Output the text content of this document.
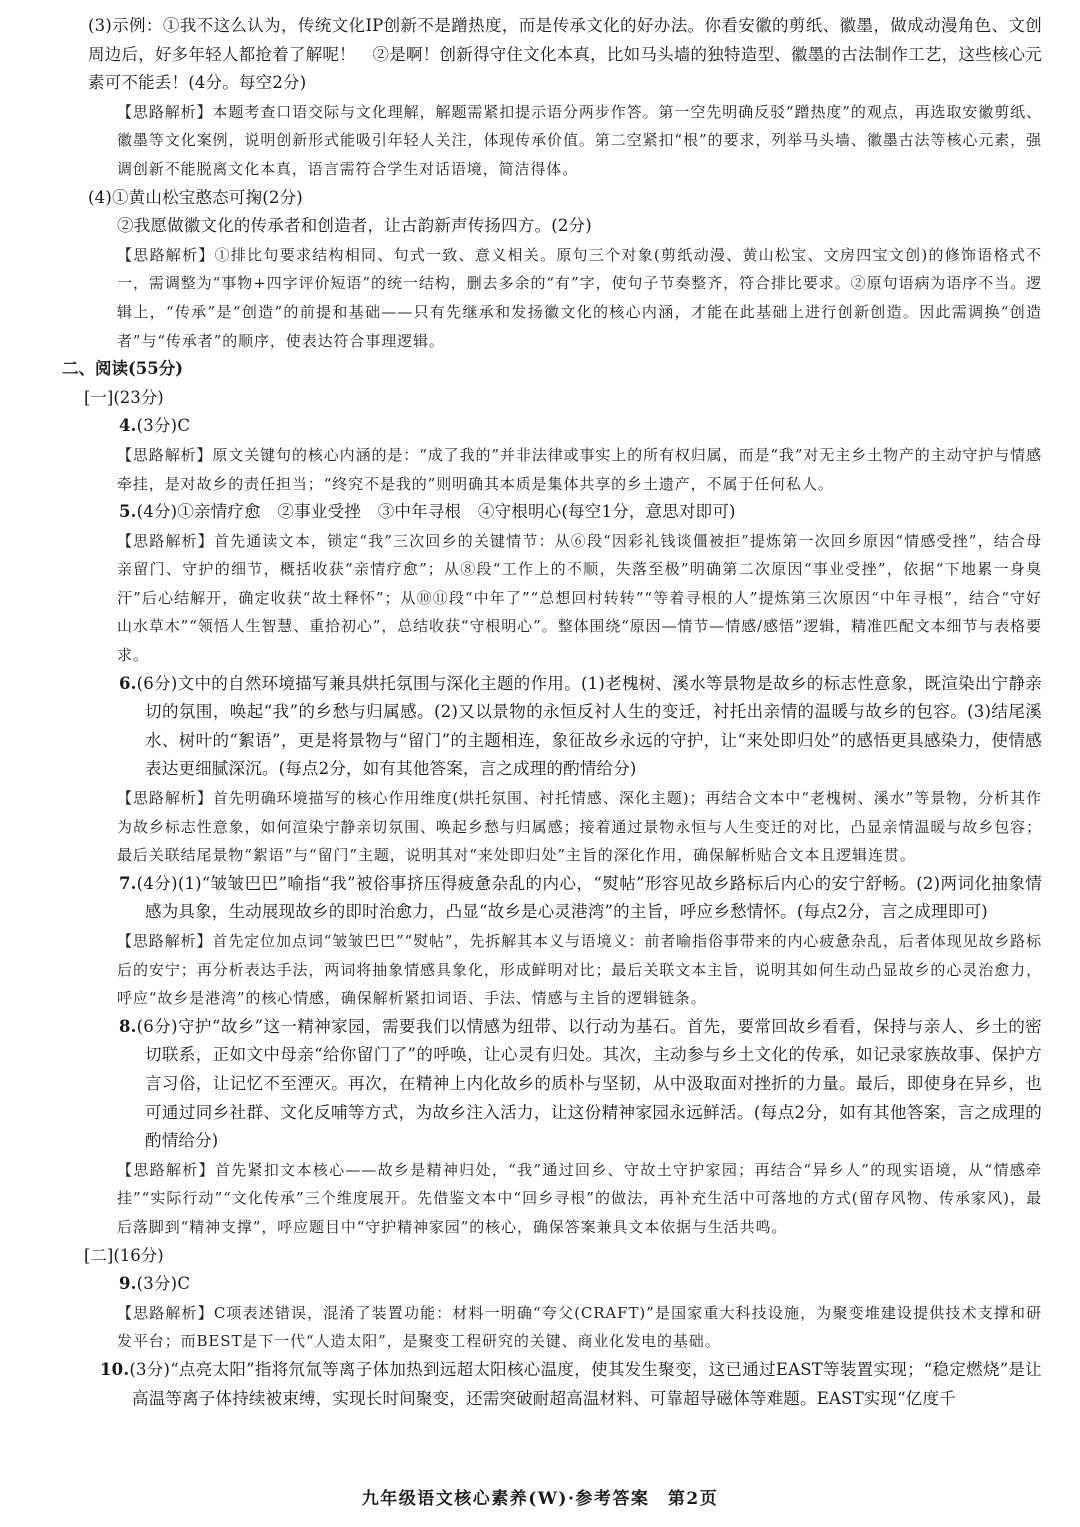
(3)示例：①我不这么认为，传统文化IP创新不是蹭热度，而是传承文化的好办法。你看安徽的剪纸、徽墨，做成动漫角色、文创周边后，好多年轻人都抢着了解呢！　②是啊！创新得守住文化本真，比如马头墙的独特造型、徽墨的古法制作工艺，这些核心元素可不能丢！(4分。每空2分)

【思路解析】本题考查口语交际与文化理解，解题需紧扣提示语分两步作答。第一空先明确反驳“蹭热度”的观点，再选取安徽剪纸、徽墨等文化案例，说明创新形式能吸引年轻人关注，体现传承价值。第二空紧扣“根”的要求，列举马头墙、徽墨古法等核心元素，强调创新不能脱离文化本真，语言需符合学生对话语境，简洁得体。

(4)①黄山松宝憨态可掬(2分)

②我愿做徽文化的传承者和创造者，让古韵新声传扬四方。(2分)

【思路解析】①排比句要求结构相同、句式一致、意义相关。原句三个对象(剪纸动漫、黄山松宝、文房四宝文创)的修饰语格式不一，需调整为“事物+四字评价短语”的统一结构，删去多余的“有”字，使句子节奏整齐，符合排比要求。②原句语病为语序不当。逻辑上，“传承”是“创造”的前提和基础——只有先继承和发扬徽文化的核心内涵，才能在此基础上进行创新创造。因此需调换“创造者”与“传承者”的顺序，使表达符合事理逻辑。

二、阅读(55分)

[一](23分)

4.(3分)C

【思路解析】原文关键句的核心内涵的是：“成了我的”并非法律或事实上的所有权归属，而是“我”对无主乡土物产的主动守护与情感牵挂，是对故乡的责任担当；“终究不是我的”则明确其本质是集体共享的乡土遗产，不属于任何私人。

5.(4分)①亲情疗愈　②事业受挫　③中年寻根　④守根明心(每空1分，意思对即可)

【思路解析】首先通读文本，锁定“我”三次回乡的关键情节：从⑥段“因彩礼钱谈僵被拒”提炼第一次回乡原因“情感受挫”，结合母亲留门、守护的细节，概括收获“亲情疗愈”；从⑧段“工作上的不顺，失落至极”明确第二次原因“事业受挫”，依据“下地累一身臭汗”后心结解开，确定收获“故土释怀”；从⑩⑪段“中年了”“总想回村转转”“等着寻根的人”提炼第三次原因“中年寻根”，结合“守好山水草木”“领悟人生智慧、重拾初心”，总结收获“守根明心”。整体围绕“原因—情节—情感/感悟”逻辑，精准匹配文本细节与表格要求。

6.(6分)文中的自然环境描写兼具烘托氛围与深化主题的作用。(1)老槐树、溪水等景物是故乡的标志性意象，既渲染出宁静亲切的氛围，唤起“我”的乡愁与归属感。(2)又以景物的永恒反衬人生的变迁，衬托出亲情的温暖与故乡的包容。(3)结尾溪水、树叶的“絮语”，更是将景物与“留门”的主题相连，象征故乡永远的守护，让“来处即归处”的感悟更具感染力，使情感表达更细腻深沉。(每点2分，如有其他答案，言之成理的酌情给分)

【思路解析】首先明确环境描写的核心作用维度(烘托氛围、衬托情感、深化主题)；再结合文本中“老槐树、溪水”等景物，分析其作为故乡标志性意象，如何渲染宁静亲切氛围、唤起乡愁与归属感；接着通过景物永恒与人生变迁的对比，凸显亲情温暖与故乡包容；最后关联结尾景物“絮语”与“留门”主题，说明其对“来处即归处”主旨的深化作用，确保解析贴合文本且逻辑连贯。

7.(4分)(1)“皱皱巴巴”喻指“我”被俗事挤压得疲惫杂乱的内心，“熨帖”形容见故乡路标后内心的安宁舒畅。(2)两词化抽象情感为具象，生动展现故乡的即时治愈力，凸显“故乡是心灵港湾”的主旨，呼应乡愁情怀。(每点2分，言之成理即可)

【思路解析】首先定位加点词“皱皱巴巴”“熨帖”，先拆解其本义与语境义：前者喻指俗事带来的内心疲惫杂乱，后者体现见故乡路标后的安宁；再分析表达手法，两词将抽象情感具象化，形成鲜明对比；最后关联文本主旨，说明其如何生动凸显故乡的心灵治愈力，呼应“故乡是港湾”的核心情感，确保解析紧扣词语、手法、情感与主旨的逻辑链条。

8.(6分)守护“故乡”这一精神家园，需要我们以情感为纽带、以行动为基石。首先，要常回故乡看看，保持与亲人、乡土的密切联系，正如文中母亲“给你留门了”的呼唤，让心灵有归处。其次，主动参与乡土文化的传承，如记录家族故事、保护方言习俗，让记忆不至湮灭。再次，在精神上内化故乡的质朴与坚韧，从中汲取面对挫折的力量。最后，即使身在异乡，也可通过同乡社群、文化反哺等方式，为故乡注入活力，让这份精神家园永远鲜活。(每点2分，如有其他答案，言之成理的酌情给分)

【思路解析】首先紧扣文本核心——故乡是精神归处，“我”通过回乡、守故土守护家园；再结合“异乡人”的现实语境，从“情感牵挂”“实际行动”“文化传承”三个维度展开。先借鉴文本中“回乡寻根”的做法，再补充生活中可落地的方式(留存风物、传承家风)，最后落脚到“精神支撑”，呼应题目中“守护精神家园”的核心，确保答案兼具文本依据与生活共鸣。

[二](16分)

9.(3分)C

【思路解析】C项表述错误，混淆了装置功能：材料一明确“夸父(CRAFT)”是国家重大科技设施，为聚变堆建设提供技术支撑和研发平台；而BEST是下一代“人造太阳”，是聚变工程研究的关键、商业化发电的基础。

10.(3分)“点亮太阳”指将氘氚等离子体加热到远超太阳核心温度，使其发生聚变，这已通过EAST等装置实现；“稳定燃烧”是让高温等离子体持续被束缚，实现长时间聚变，还需突破耐超高温材料、可靠超导磁体等难题。EAST实现“亿度千

九年级语文核心素养(W)·参考答案　第2页
